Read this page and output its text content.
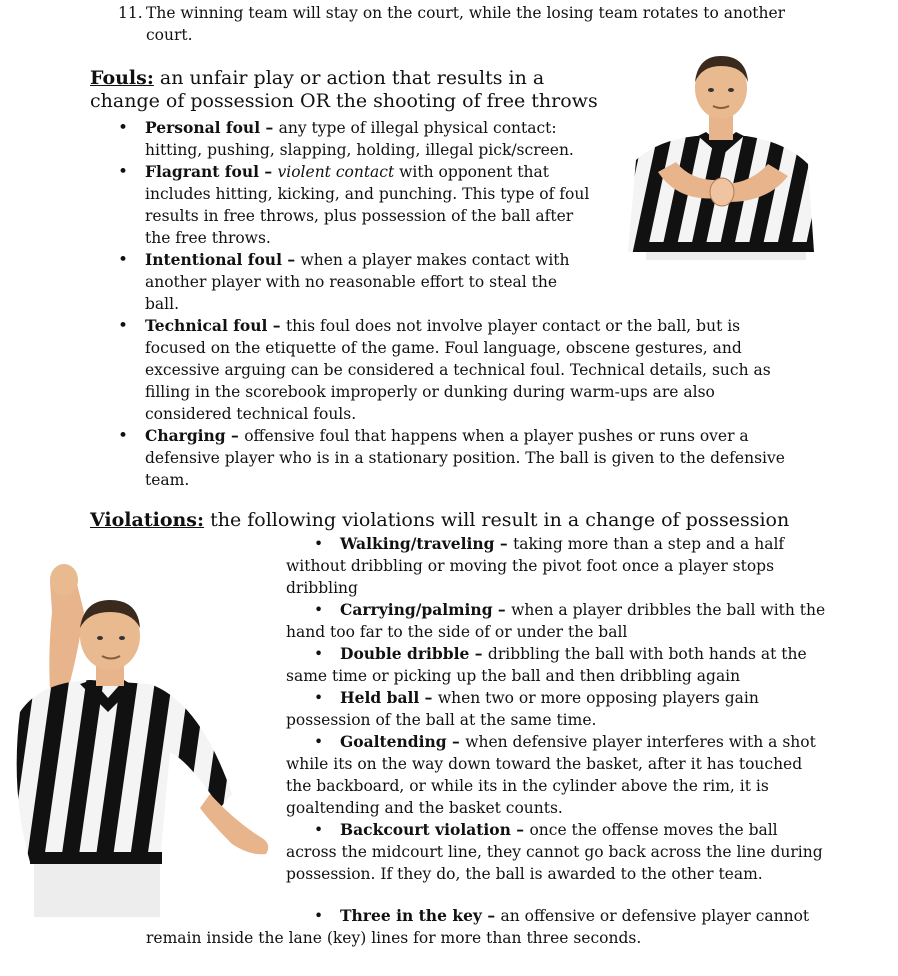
11. The winning team will stay on the court, while the losing team rotates to another court.
Fouls: an unfair play or action that results in a change of possession OR the shooting of free throws
• Personal foul – any type of illegal physical contact: hitting, pushing, slapping, holding, illegal pick/screen.
• Flagrant foul – violent contact with opponent that includes hitting, kicking, and punching. This type of foul results in free throws, plus possession of the ball after the free throws.
• Intentional foul – when a player makes contact with another player with no reasonable effort to steal the ball.
• Technical foul – this foul does not involve player contact or the ball, but is focused on the etiquette of the game. Foul language, obscene gestures, and excessive arguing can be considered a technical foul. Technical details, such as filling in the scorebook improperly or dunking during warm-ups are also considered technical fouls.
• Charging – offensive foul that happens when a player pushes or runs over a defensive player who is in a stationary position. The ball is given to the defensive team.
Violations: the following violations will result in a change of possession
• Walking/traveling – taking more than a step and a half without dribbling or moving the pivot foot once a player stops dribbling
• Carrying/palming – when a player dribbles the ball with the hand too far to the side of or under the ball
• Double dribble – dribbling the ball with both hands at the same time or picking up the ball and then dribbling again
• Held ball – when two or more opposing players gain possession of the ball at the same time.
• Goaltending – when defensive player interferes with a shot while its on the way down toward the basket, after it has touched the backboard, or while its in the cylinder above the rim, it is goaltending and the basket counts.
• Backcourt violation – once the offense moves the ball across the midcourt line, they cannot go back across the line during possession. If they do, the ball is awarded to the other team.
•	Three in the key – an offensive or defensive player cannot remain inside the lane (key) lines for more than three seconds.
